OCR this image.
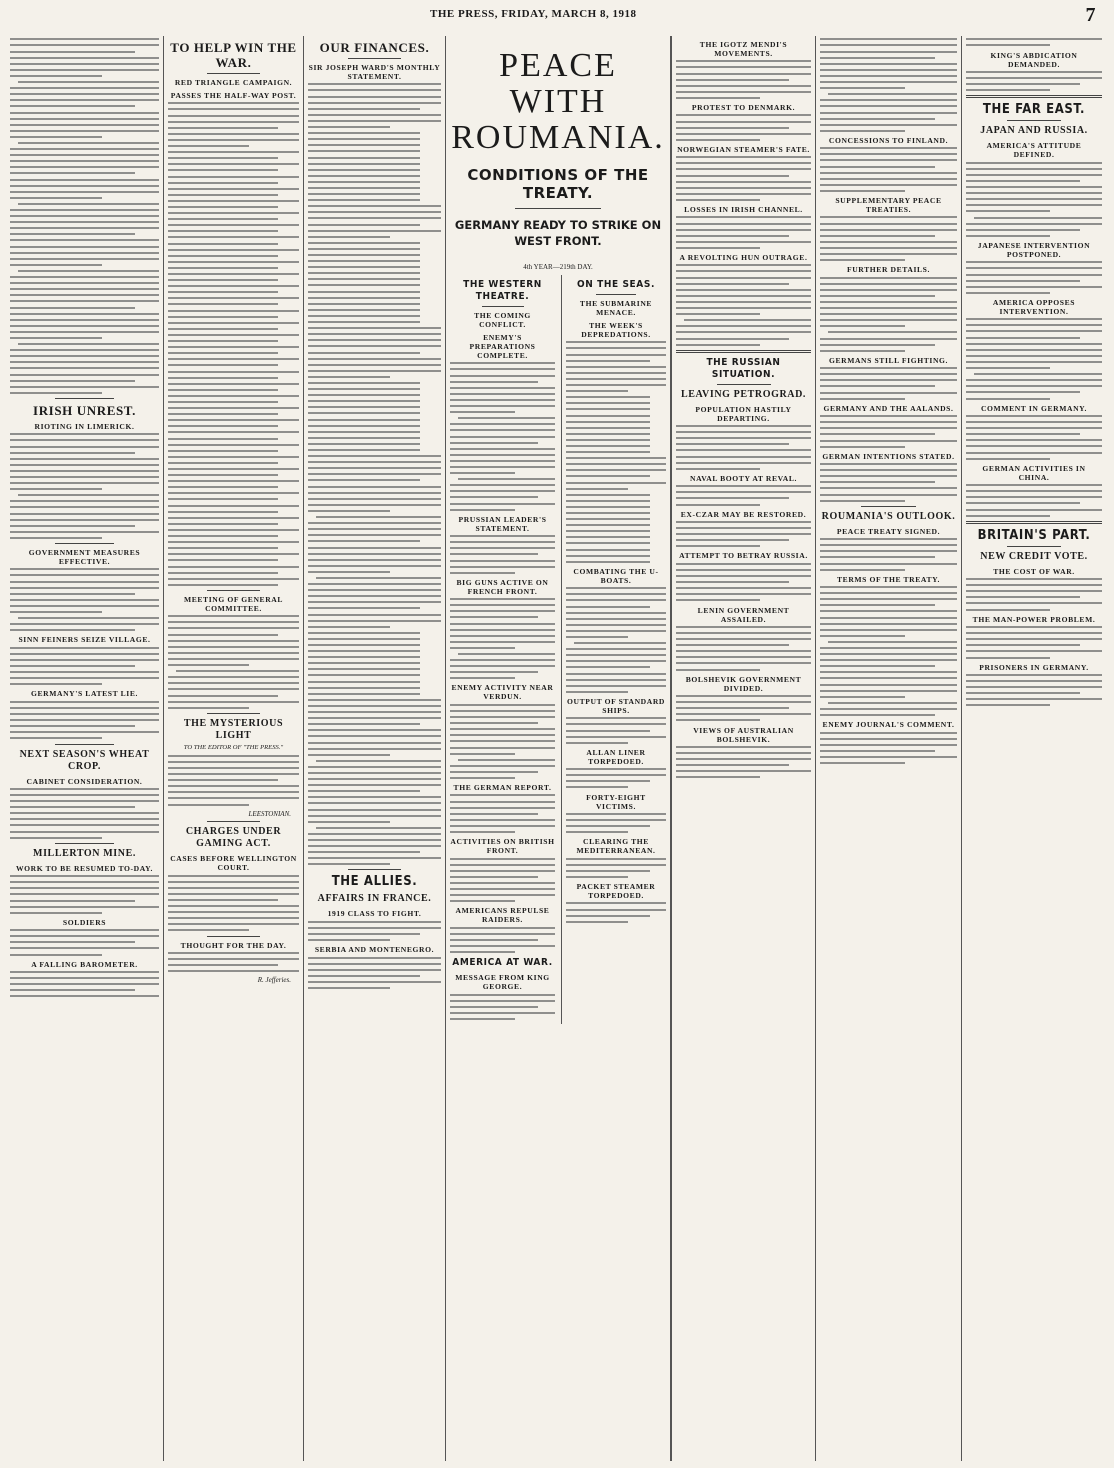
THE PRESS, FRIDAY, MARCH 8, 1918	7
IRISH UNREST.
RIOTING IN LIMERICK.
GOVERNMENT MEASURES EFFECTIVE.
SINN FEINERS SEIZE VILLAGE.
GERMANY'S LATEST LIE.
NEXT SEASON'S WHEAT CROP.
CABINET CONSIDERATION.
MILLERTON MINE.
WORK TO BE RESUMED TO-DAY.
SOLDIERS
A FALLING BAROMETER.
TO HELP WIN THE WAR.
RED TRIANGLE CAMPAIGN.
PASSES THE HALF-WAY POST.
MEETING OF GENERAL COMMITTEE.
THE MYSTERIOUS LIGHT
TO THE EDITOR OF "THE PRESS."
LEESTONIAN.
CHARGES UNDER GAMING ACT.
CASES BEFORE WELLINGTON COURT.
THOUGHT FOR THE DAY.
R. Jefferies.
OUR FINANCES.
SIR JOSEPH WARD'S MONTHLY STATEMENT.
THE ALLIES.
AFFAIRS IN FRANCE.
1919 CLASS TO FIGHT.
SERBIA AND MONTENEGRO.
PEACE WITH
ROUMANIA.
CONDITIONS OF THE TREATY.
GERMANY READY TO STRIKE ON WEST FRONT.
4th YEAR—219th DAY.
THE WESTERN THEATRE.
THE COMING CONFLICT.
ENEMY'S PREPARATIONS COMPLETE.
PRUSSIAN LEADER'S STATEMENT.
BIG GUNS ACTIVE ON FRENCH FRONT.
ENEMY ACTIVITY NEAR VERDUN.
THE GERMAN REPORT.
ACTIVITIES ON BRITISH FRONT.
AMERICANS REPULSE RAIDERS.
AMERICA AT WAR.
MESSAGE FROM KING GEORGE.
ON THE SEAS.
THE SUBMARINE MENACE.
THE WEEK'S DEPREDATIONS.
COMBATING THE U-BOATS.
OUTPUT OF STANDARD SHIPS.
ALLAN LINER TORPEDOED.
FORTY-EIGHT VICTIMS.
CLEARING THE MEDITERRANEAN.
PACKET STEAMER TORPEDOED.
THE IGOTZ MENDI'S MOVEMENTS.
PROTEST TO DENMARK.
NORWEGIAN STEAMER'S FATE.
LOSSES IN IRISH CHANNEL.
A REVOLTING HUN OUTRAGE.
THE RUSSIAN SITUATION.
LEAVING PETROGRAD.
POPULATION HASTILY DEPARTING.
NAVAL BOOTY AT REVAL.
EX-CZAR MAY BE RESTORED.
ATTEMPT TO BETRAY RUSSIA.
LENIN GOVERNMENT ASSAILED.
BOLSHEVIK GOVERNMENT DIVIDED.
VIEWS OF AUSTRALIAN BOLSHEVIK.
CONCESSIONS TO FINLAND.
SUPPLEMENTARY PEACE TREATIES.
FURTHER DETAILS.
GERMANS STILL FIGHTING.
GERMANY AND THE AALANDS.
GERMAN INTENTIONS STATED.
ROUMANIA'S OUTLOOK.
PEACE TREATY SIGNED.
TERMS OF THE TREATY.
ENEMY JOURNAL'S COMMENT.
KING'S ABDICATION DEMANDED.
THE FAR EAST.
JAPAN AND RUSSIA.
AMERICA'S ATTITUDE DEFINED.
JAPANESE INTERVENTION POSTPONED.
AMERICA OPPOSES INTERVENTION.
COMMENT IN GERMANY.
GERMAN ACTIVITIES IN CHINA.
BRITAIN'S PART.
NEW CREDIT VOTE.
THE COST OF WAR.
THE MAN-POWER PROBLEM.
PRISONERS IN GERMANY.
